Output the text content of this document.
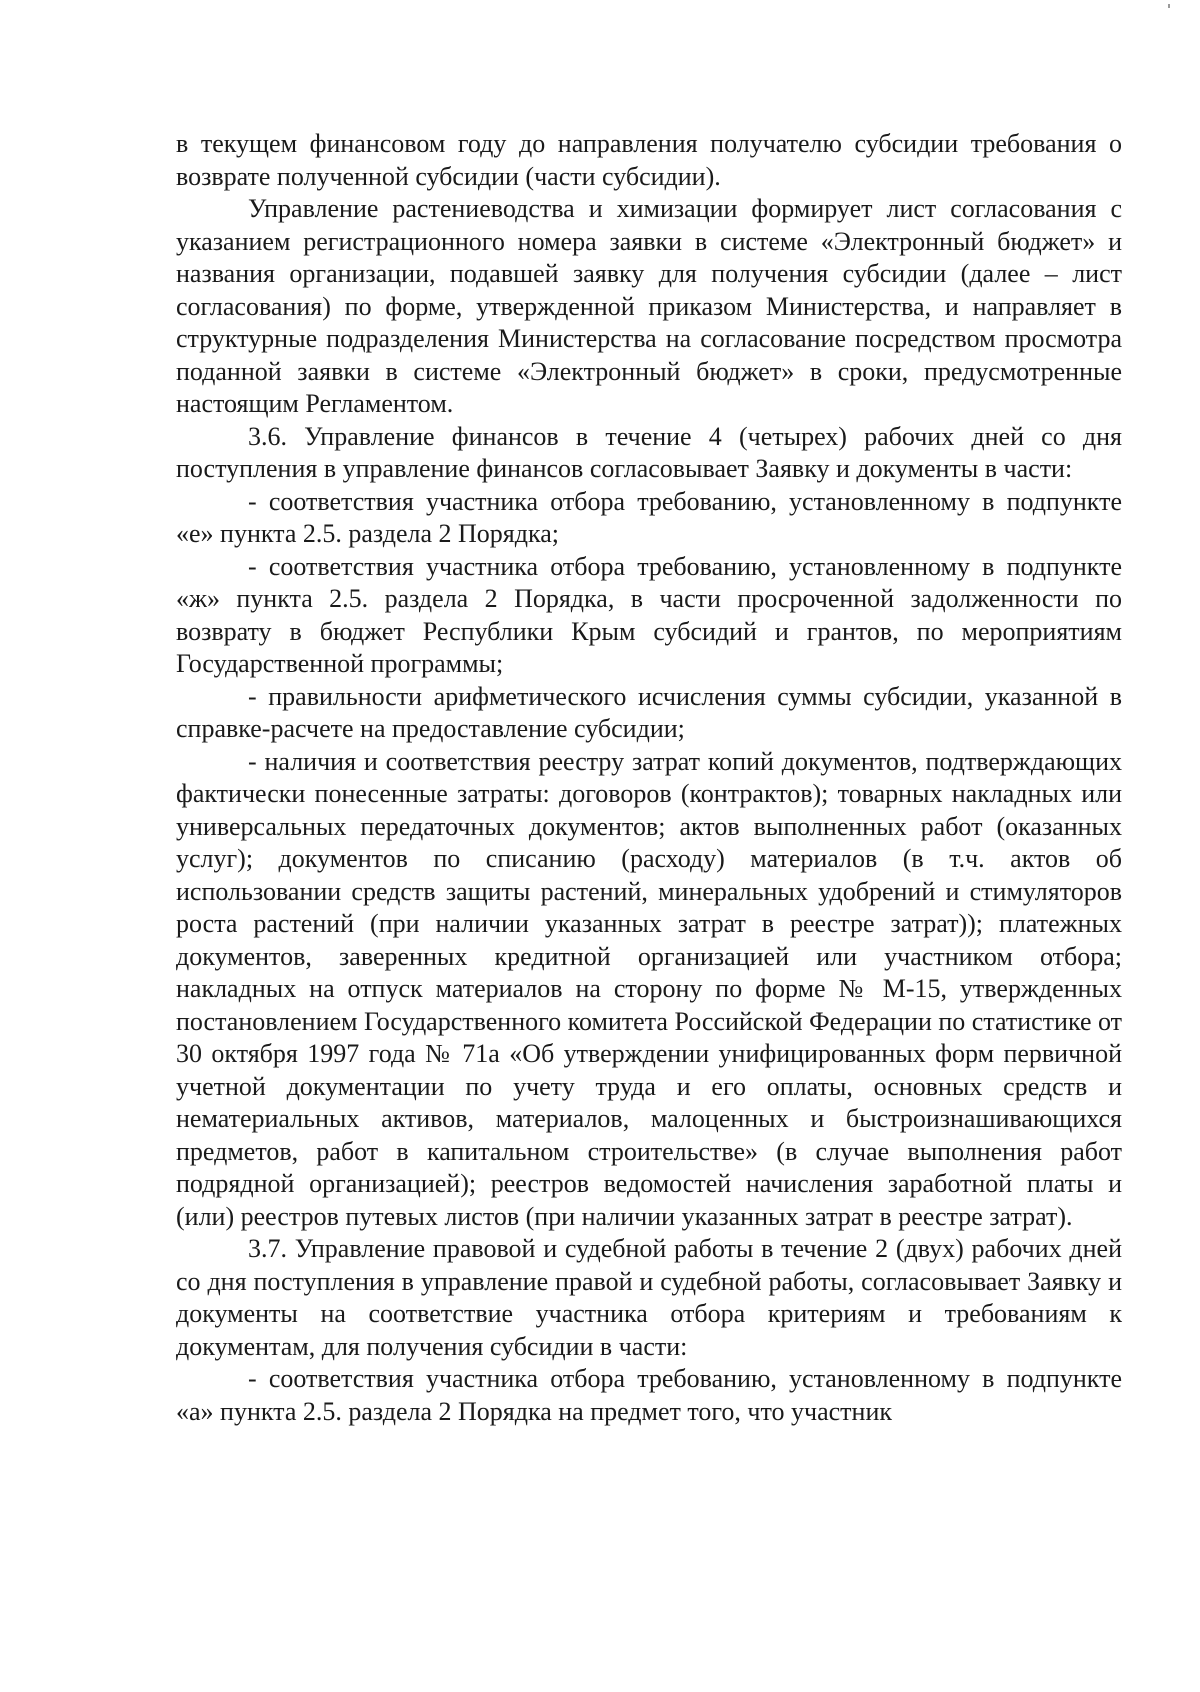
в текущем финансовом году до направления получателю субсидии требования о возврате полученной субсидии (части субсидии).

Управление растениеводства и химизации формирует лист согласования с указанием регистрационного номера заявки в системе «Электронный бюджет» и названия организации, подавшей заявку для получения субсидии (далее – лист согласования) по форме, утвержденной приказом Министерства, и направляет в структурные подразделения Министерства на согласование посредством просмотра поданной заявки в системе «Электронный бюджет» в сроки, предусмотренные настоящим Регламентом.

3.6. Управление финансов в течение 4 (четырех) рабочих дней со дня поступления в управление финансов согласовывает Заявку и документы в части:

- соответствия участника отбора требованию, установленному в подпункте «е» пункта 2.5. раздела 2 Порядка;

- соответствия участника отбора требованию, установленному в подпункте «ж» пункта 2.5. раздела 2 Порядка, в части просроченной задолженности по возврату в бюджет Республики Крым субсидий и грантов, по мероприятиям Государственной программы;

- правильности арифметического исчисления суммы субсидии, указанной в справке-расчете на предоставление субсидии;

- наличия и соответствия реестру затрат копий документов, подтверждающих фактически понесенные затраты: договоров (контрактов); товарных накладных или универсальных передаточных документов; актов выполненных работ (оказанных услуг); документов по списанию (расходу) материалов (в т.ч. актов об использовании средств защиты растений, минеральных удобрений и стимуляторов роста растений (при наличии указанных затрат в реестре затрат)); платежных документов, заверенных кредитной организацией или участником отбора; накладных на отпуск материалов на сторону по форме № М-15, утвержденных постановлением Государственного комитета Российской Федерации по статистике от 30 октября 1997 года № 71а «Об утверждении унифицированных форм первичной учетной документации по учету труда и его оплаты, основных средств и нематериальных активов, материалов, малоценных и быстроизнашивающихся предметов, работ в капитальном строительстве» (в случае выполнения работ подрядной организацией); реестров ведомостей начисления заработной платы и (или) реестров путевых листов (при наличии указанных затрат в реестре затрат).

3.7. Управление правовой и судебной работы в течение 2 (двух) рабочих дней со дня поступления в управление правой и судебной работы, согласовывает Заявку и документы на соответствие участника отбора критериям и требованиям к документам, для получения субсидии в части:

- соответствия участника отбора требованию, установленному в подпункте «а» пункта 2.5. раздела 2 Порядка на предмет того, что участник
